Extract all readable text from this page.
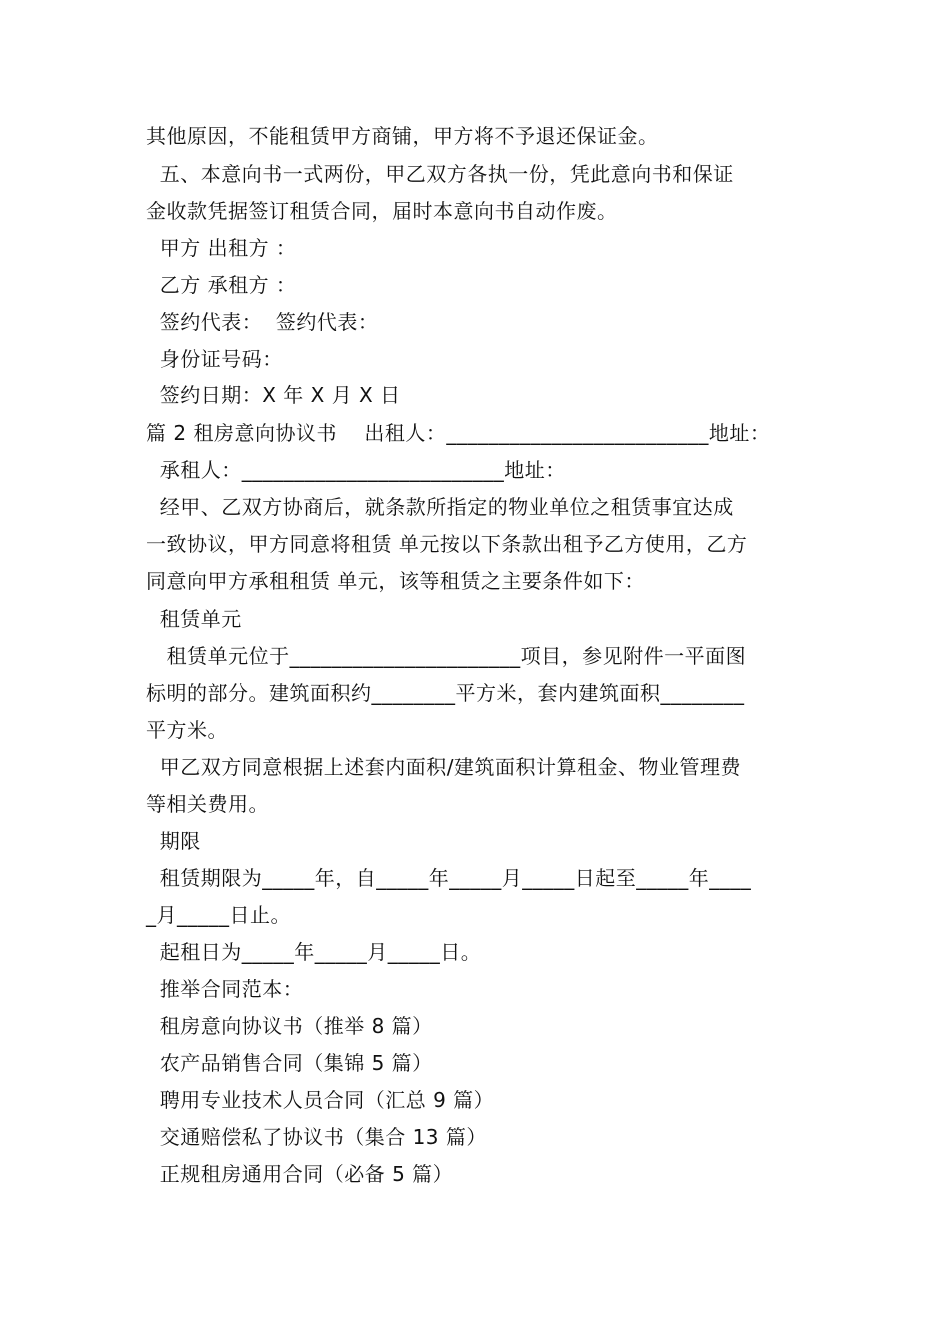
其他原因，不能租赁甲方商铺，甲方将不予退还保证金。
五、本意向书一式两份，甲乙双方各执一份，凭此意向书和保证
金收款凭据签订租赁合同，届时本意向书自动作废。
甲方 出租方 ：
乙方 承租方 ：
签约代表：  签约代表：
身份证号码：
签约日期：X 年 X 月 X 日
篇 2 租房意向协议书    出租人：_________________________地址：
承租人：_________________________地址：
经甲、乙双方协商后，就条款所指定的物业单位之租赁事宜达成
一致协议，甲方同意将租赁 单元按以下条款出租予乙方使用，乙方
同意向甲方承租租赁 单元，该等租赁之主要条件如下：
租赁单元
租赁单元位于______________________项目，参见附件一平面图
标明的部分。建筑面积约________平方米，套内建筑面积________
平方米。
甲乙双方同意根据上述套内面积/建筑面积计算租金、物业管理费
等相关费用。
期限
租赁期限为_____年，自_____年_____月_____日起至_____年____
_月_____日止。
起租日为_____年_____月_____日。
推举合同范本：
租房意向协议书（推举 8 篇）
农产品销售合同（集锦 5 篇）
聘用专业技术人员合同（汇总 9 篇）
交通赔偿私了协议书（集合 13 篇）
正规租房通用合同（必备 5 篇）
